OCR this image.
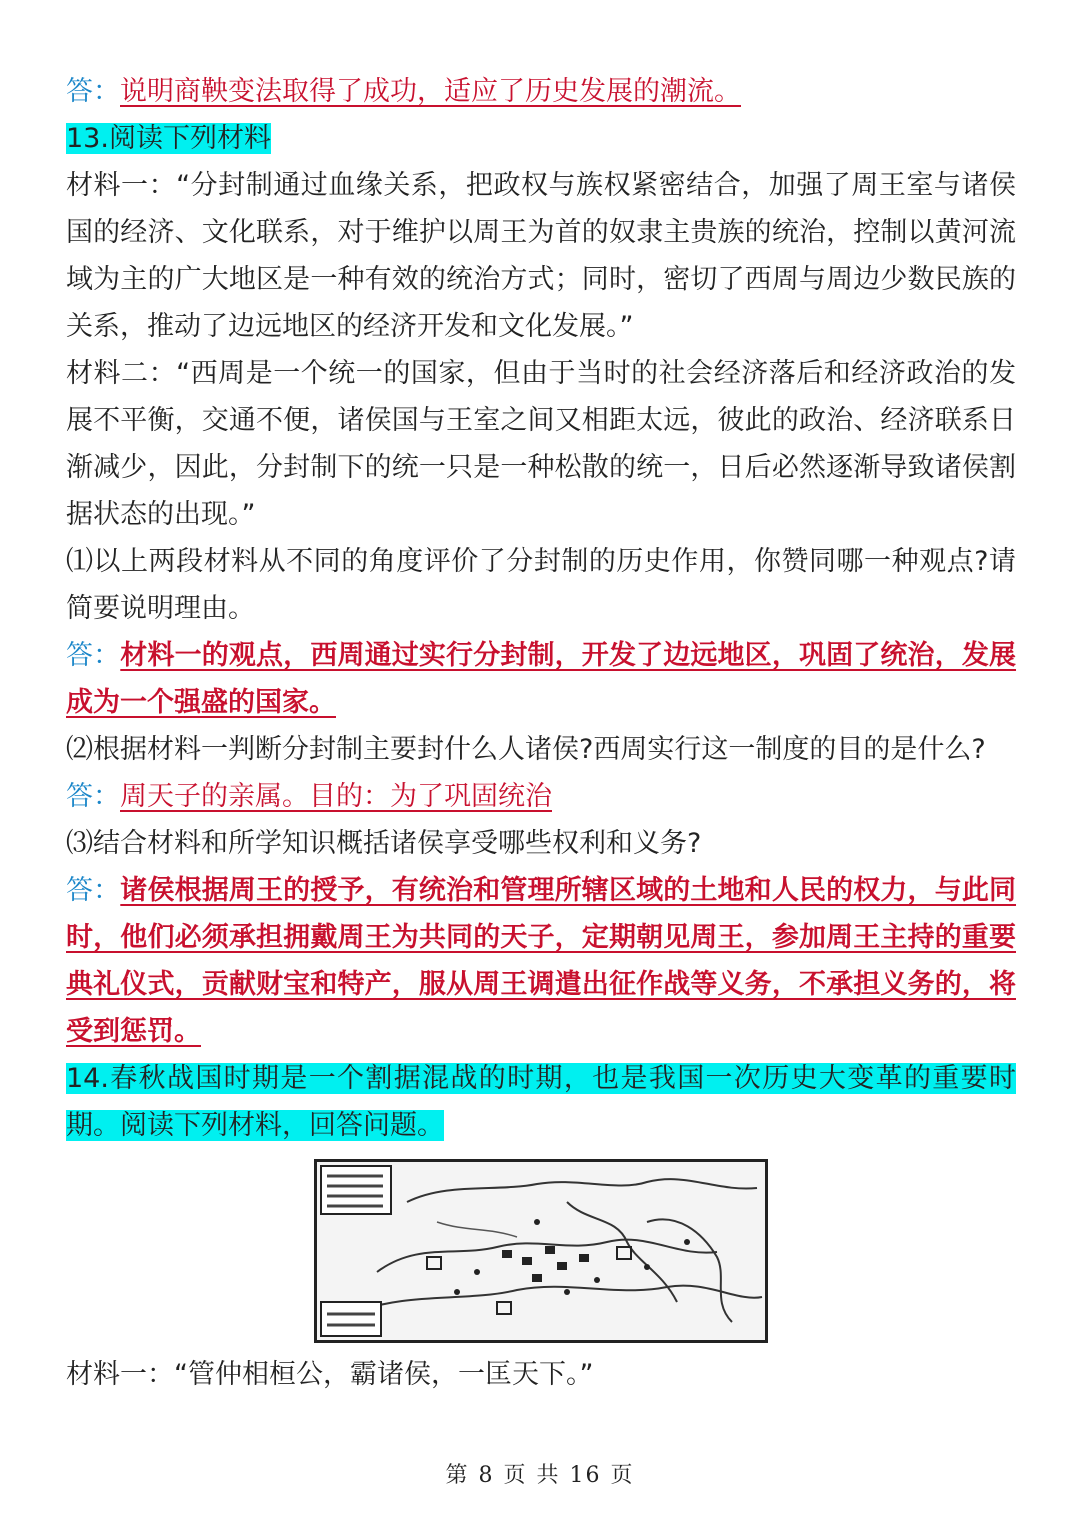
答：说明商鞅变法取得了成功，适应了历史发展的潮流。
13.阅读下列材料
材料一：“分封制通过血缘关系，把政权与族权紧密结合，加强了周王室与诸侯国的经济、文化联系，对于维护以周王为首的奴隶主贵族的统治，控制以黄河流域为主的广大地区是一种有效的统治方式；同时，密切了西周与周边少数民族的关系，推动了边远地区的经济开发和文化发展。”
材料二：“西周是一个统一的国家，但由于当时的社会经济落后和经济政治的发展不平衡，交通不便，诸侯国与王室之间又相距太远，彼此的政治、经济联系日渐减少，因此，分封制下的统一只是一种松散的统一，日后必然逐渐导致诸侯割据状态的出现。”
⑴以上两段材料从不同的角度评价了分封制的历史作用，你赞同哪一种观点?请简要说明理由。
答：材料一的观点，西周通过实行分封制，开发了边远地区，巩固了统治，发展成为一个强盛的国家。
⑵根据材料一判断分封制主要封什么人诸侯?西周实行这一制度的目的是什么?
答：周天子的亲属。目的：为了巩固统治
⑶结合材料和所学知识概括诸侯享受哪些权利和义务?
答：诸侯根据周王的授予，有统治和管理所辖区域的土地和人民的权力，与此同时，他们必须承担拥戴周王为共同的天子，定期朝见周王，参加周王主持的重要典礼仪式，贡献财宝和特产，服从周王调遣出征作战等义务，不承担义务的，将受到惩罚。
14.春秋战国时期是一个割据混战的时期，也是我国一次历史大变革的重要时期。阅读下列材料，回答问题。
材料一：“管仲相桓公，霸诸侯，一匡天下。”
第 8 页 共 16 页
